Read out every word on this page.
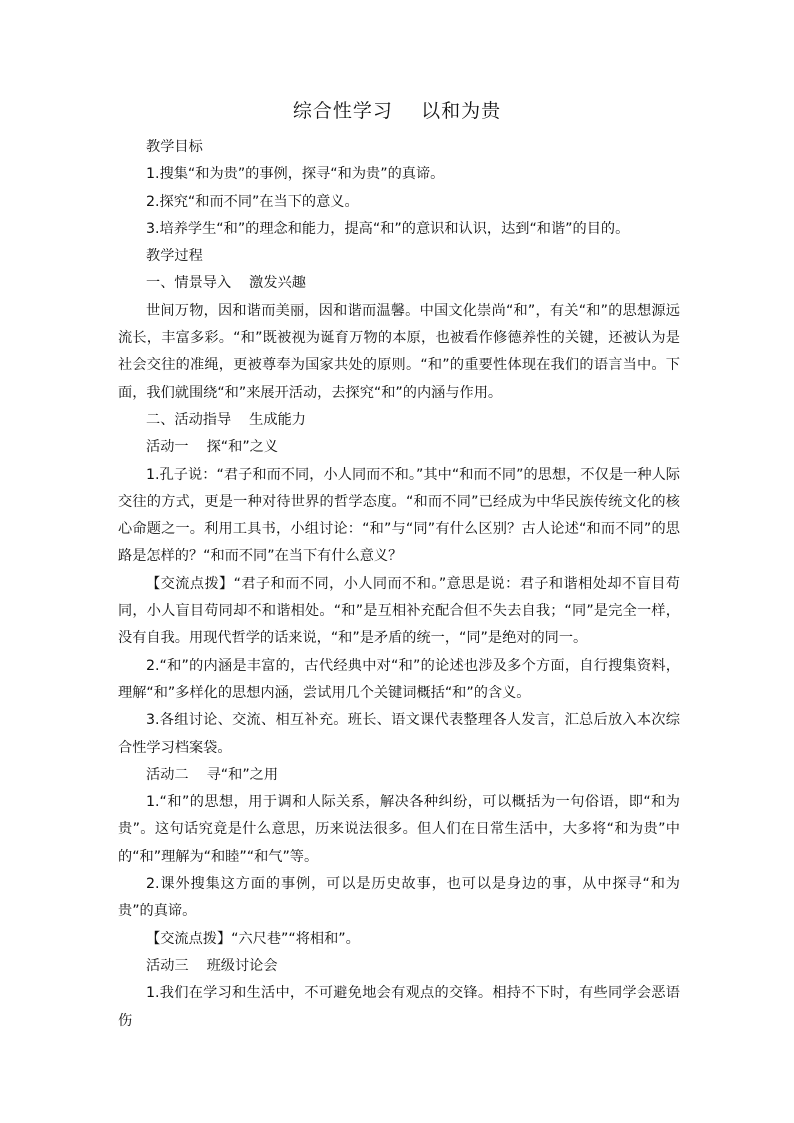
综合性学习    以和为贵

教学目标

1.搜集“和为贵”的事例，探寻“和为贵”的真谛。

2.探究“和而不同”在当下的意义。

3.培养学生“和”的理念和能力，提高“和”的意识和认识，达到“和谐”的目的。

教学过程

一、情景导入    激发兴趣

世间万物，因和谐而美丽，因和谐而温馨。中国文化崇尚“和”，有关“和”的思想源远流长，丰富多彩。“和”既被视为诞育万物的本原，也被看作修德养性的关键，还被认为是社会交往的准绳，更被尊奉为国家共处的原则。“和”的重要性体现在我们的语言当中。下面，我们就围绕“和”来展开活动，去探究“和”的内涵与作用。

二、活动指导    生成能力

活动一    探“和”之义

1.孔子说：“君子和而不同，小人同而不和。”其中“和而不同”的思想，不仅是一种人际交往的方式，更是一种对待世界的哲学态度。“和而不同”已经成为中华民族传统文化的核心命题之一。利用工具书，小组讨论：“和”与“同”有什么区别？古人论述“和而不同”的思路是怎样的？“和而不同”在当下有什么意义？

【交流点拨】“君子和而不同，小人同而不和。”意思是说：君子和谐相处却不盲目苟同，小人盲目苟同却不和谐相处。“和”是互相补充配合但不失去自我；“同”是完全一样，没有自我。用现代哲学的话来说，“和”是矛盾的统一，“同”是绝对的同一。

2.“和”的内涵是丰富的，古代经典中对“和”的论述也涉及多个方面，自行搜集资料，理解“和”多样化的思想内涵，尝试用几个关键词概括“和”的含义。

3.各组讨论、交流、相互补充。班长、语文课代表整理各人发言，汇总后放入本次综合性学习档案袋。

活动二    寻“和”之用

1.“和”的思想，用于调和人际关系，解决各种纠纷，可以概括为一句俗语，即“和为贵”。这句话究竟是什么意思，历来说法很多。但人们在日常生活中，大多将“和为贵”中的“和”理解为“和睦”“和气”等。

2.课外搜集这方面的事例，可以是历史故事，也可以是身边的事，从中探寻“和为贵”的真谛。

【交流点拨】“六尺巷”“将相和”。

活动三    班级讨论会

1.我们在学习和生活中，不可避免地会有观点的交锋。相持不下时，有些同学会恶语伤
